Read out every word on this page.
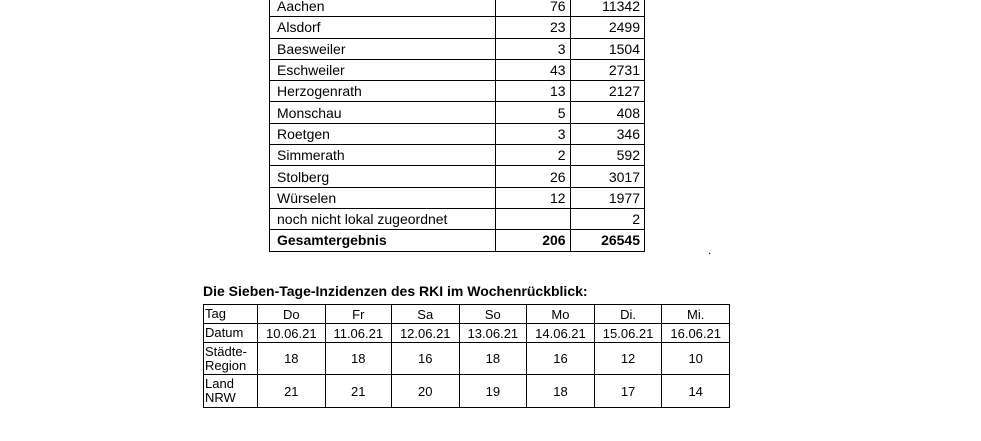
Aachen	76	11342
Alsdorf	23	2499
Baesweiler	3	1504
Eschweiler	43	2731
Herzogenrath	13	2127
Monschau	5	408
Roetgen	3	346
Simmerath	2	592
Stolberg	26	3017
Würselen	12	1977
noch nicht lokal zugeordnet		2
Gesamtergebnis	206	26545
.
Die Sieben-Tage-Inzidenzen des RKI im Wochenrückblick:
Tag	Do	Fr	Sa	So	Mo	Di.	Mi.
Datum	10.06.21	11.06.21	12.06.21	13.06.21	14.06.21	15.06.21	16.06.21
Städte-Region	18	18	16	18	16	12	10
Land NRW	21	21	20	19	18	17	14
